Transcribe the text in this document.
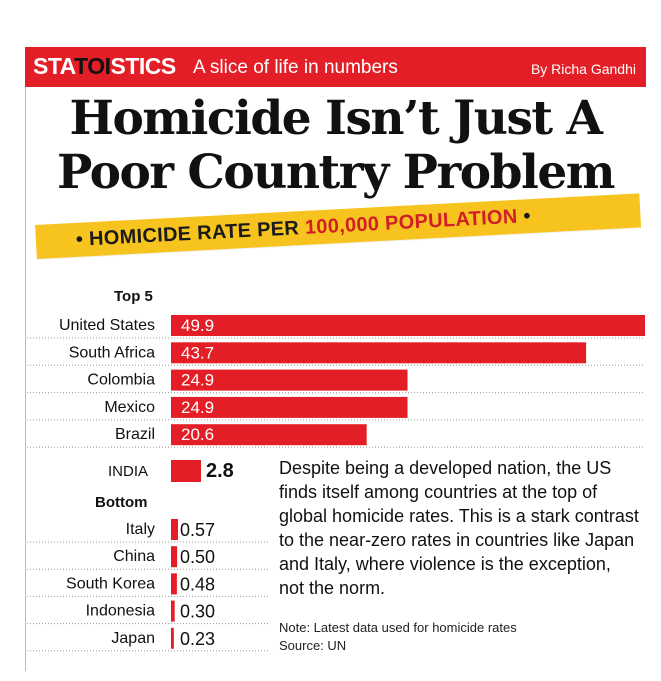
STATOISTICS A slice of life in numbers	By Richa Gandhi
Homicide Isn’t Just A
Poor Country Problem
• HOMICIDE RATE PER 100,000 POPULATION •
Top 5
United States 49.9
South Africa 43.7
Colombia 24.9
Mexico 24.9
Brazil 20.6
Italy 0.57
China 0.50
South Korea 0.48
Indonesia 0.30
Japan 0.23
INDIA	2.8
Bottom

Despite being a developed nation, the US finds itself among countries at the top of global homicide rates. This is a stark contrast to the near-zero rates in countries like Japan and Italy, where violence is the exception, not the norm.

Note: Latest data used for homicide rates
Source: UN
